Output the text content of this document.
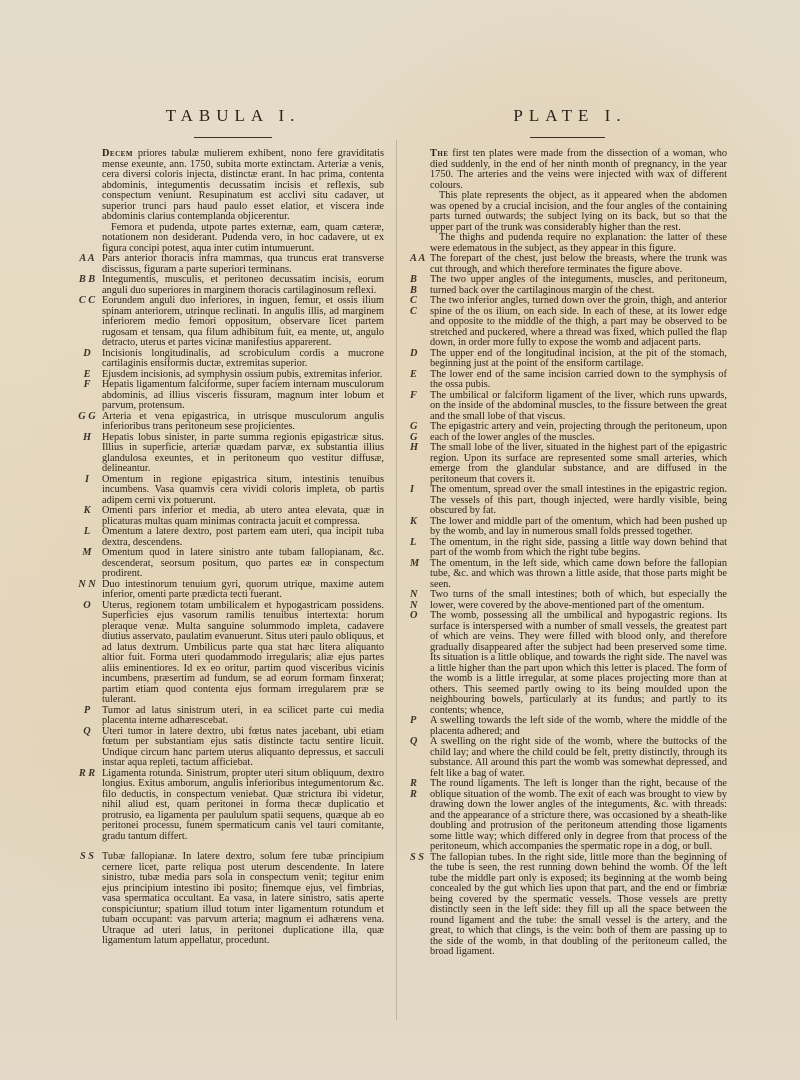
TABULA I.	PLATE I.

Decem priores tabulæ mulierem exhibent, nono fere graviditatis mense exeunte, ann. 1750, subita morte extinctam. Arteriæ a venis, cera diversi coloris injecta, distinctæ erant. In hac prima, contenta abdominis, integumentis decussatim incisis et reflexis, sub conspectum veniunt. Resupinatum est acclivi situ cadaver, ut superior trunci pars haud paulo esset elatior, et viscera inde abdominis clarius contemplanda objicerentur.

Femora et pudenda, utpote partes externæ, eam, quam cæteræ, notationem non desiderant. Pudenda vero, in hoc cadavere, ut ex figura concipi potest, aqua inter cutim intumuerunt.

A A Pars anterior thoracis infra mammas, qua truncus erat transverse discissus, figuram a parte superiori terminans.

B B Integumentis, musculis, et peritoneo decussatim incisis, eorum anguli duo superiores in marginem thoracis cartilaginosum reflexi.

C C Eorundem anguli duo inferiores, in inguen, femur, et ossis ilium spinam anteriorem, utrinque reclinati. In angulis illis, ad marginem inferiorem medio femori oppositum, observare licet partem rugosam et tensam, qua filum adhibitum fuit, ea mente, ut, angulo detracto, uterus et partes vicinæ manifestius apparerent.

D	Incisionis longitudinalis, ad scrobiculum cordis a mucrone cartilaginis ensiformis ductæ, extremitas superior.

E	Ejusdem incisionis, ad symphysin ossium pubis, extremitas inferior.

F	Hepatis ligamentum falciforme, super faciem internam musculorum abdominis, ad illius visceris fissuram, magnum inter lobum et parvum, protensum.

G G Arteria et vena epigastrica, in utrisque musculorum angulis inferioribus trans peritoneum sese projicientes.

H	Hepatis lobus sinister, in parte summa regionis epigastricæ situs. Illius in superficie, arteriæ quædam parvæ, ex substantia illius glandulosa exeuntes, et in peritoneum quo vestitur diffusæ, delineantur.

I	Omentum in regione epigastrica situm, intestinis tenuibus incumbens. Vasa quamvis cera vividi coloris impleta, ob partis adipem cerni vix potuerunt.

K	Omenti pars inferior et media, ab utero antea elevata, quæ in plicaturas multas quam minimas contracta jacuit et compressa.

L	Omentum a latere dextro, post partem eam uteri, qua incipit tuba dextra, descendens.

M	Omentum quod in latere sinistro ante tubam fallopianam, &c. descenderat, seorsum positum, quo partes eæ in conspectum prodirent.

N N Duo intestinorum tenuium gyri, quorum utrique, maxime autem inferior, omenti parte prædicta tecti fuerant.

O	Uterus, regionem totam umbilicalem et hypogastricam possidens. Superficies ejus vasorum ramilis tenuibus intertexta: horum pleraque venæ. Multa sanguine solummodo impleta, cadavere diutius asservato, paulatim evanuerunt. Situs uteri paulo obliquus, et ad latus dextrum. Umbilicus parte qua stat hæc litera aliquanto altior fuit. Forma uteri quodammodo irregularis; aliæ ejus partes aliis eminentiores. Id ex eo oritur, partim quod visceribus vicinis incumbens, præsertim ad fundum, se ad eorum formam finxerat; partim etiam quod contenta ejus formam irregularem præ se tulerant.

P	Tumor ad latus sinistrum uteri, in ea scilicet parte cui media placenta interne adhærescebat.

Q	Uteri tumor in latere dextro, ubi fœtus nates jacebant, ubi etiam fœtum per substantiam ejus satis distincte tactu sentire licuit. Undique circum hanc partem uterus aliquanto depressus, et sacculi instar aqua repleti, tactum afficiebat.

R R Ligamenta rotunda. Sinistrum, propter uteri situm obliquum, dextro longius. Exitus amborum, angulis inferioribus integumentorum &c. filo deductis, in conspectum veniebat. Quæ strictura ibi videtur, nihil aliud est, quam peritonei in forma thecæ duplicatio et protrusio, ea ligamenta per paululum spatii sequens, quæque ab eo peritonei processu, funem spermaticum canis vel tauri comitante, gradu tantum differt.

S S Tubæ fallopianæ. In latere dextro, solum fere tubæ principium cernere licet, parte reliqua post uterum descendente. In latere sinistro, tubæ media pars sola in conspectum venit; tegitur enim ejus principium intestino ibi posito; finemque ejus, vel fimbrias, vasa spermatica occultant. Ea vasa, in latere sinistro, satis aperte conspiciuntur; spatium illud totum inter ligamentum rotundum et tubam occupant: vas parvum arteria; magnum ei adhærens vena. Utraque ad uteri latus, in peritonei duplicatione illa, quæ ligamentum latum appellatur, procedunt.

The first ten plates were made from the dissection of a woman, who died suddenly, in the end of her ninth month of pregnancy, in the year 1750. The arteries and the veins were injected with wax of different colours.

This plate represents the object, as it appeared when the abdomen was opened by a crucial incision, and the four angles of the containing parts turned outwards; the subject lying on its back, but so that the upper part of the trunk was considerably higher than the rest.

The thighs and pudenda require no explanation: the latter of these were edematous in the subject, as they appear in this figure.

A A The forepart of the chest, just below the breasts, where the trunk was cut through, and which therefore terminates the figure above.

B B
The two upper angles of the integuments, muscles, and peritoneum, turned back over the cartilaginous margin of the chest.

C C
The two inferior angles, turned down over the groin, thigh, and anterior spine of the os ilium, on each side. In each of these, at its lower edge and opposite to the middle of the thigh, a part may be observed to be stretched and puckered, where a thread was fixed, which pulled the flap down, in order more fully to expose the womb and adjacent parts.

D	The upper end of the longitudinal incision, at the pit of the stomach, beginning just at the point of the ensiform cartilage.

E	The lower end of the same incision carried down to the symphysis of the ossa pubis.

F	The umbilical or falciform ligament of the liver, which runs upwards, on the inside of the abdominal muscles, to the fissure between the great and the small lobe of that viscus.

G G
The epigastric artery and vein, projecting through the peritoneum, upon each of the lower angles of the muscles.

H	The small lobe of the liver, situated in the highest part of the epigastric region. Upon its surface are represented some small arteries, which emerge from the glandular substance, and are diffused in the peritoneum that covers it.

I	The omentum, spread over the small intestines in the epigastric region. The vessels of this part, though injected, were hardly visible, being obscured by fat.

K	The lower and middle part of the omentum, which had been pushed up by the womb, and lay in numerous small folds pressed together.

L	The omentum, in the right side, passing a little way down behind that part of the womb from which the right tube begins.

M	The omentum, in the left side, which came down before the fallopian tube, &c. and which was thrown a little aside, that those parts might be seen.

N N
Two turns of the small intestines; both of which, but especially the lower, were covered by the above-mentioned part of the omentum.

O	The womb, possessing all the umbilical and hypogastric regions. Its surface is interspersed with a number of small vessels, the greatest part of which are veins. They were filled with blood only, and therefore gradually disappeared after the subject had been preserved some time. Its situation is a little oblique, and towards the right side. The navel was a little higher than the part upon which this letter is placed. The form of the womb is a little irregular, at some places projecting more than at others. This seemed partly owing to its being moulded upon the neighbouring bowels, particularly at its fundus; and partly to its contents; whence,

P	A swelling towards the left side of the womb, where the middle of the placenta adhered; and

Q	A swelling on the right side of the womb, where the buttocks of the child lay; and where the child could be felt, pretty distinctly, through its substance. All around this part the womb was somewhat depressed, and felt like a bag of water.

R R
The round ligaments. The left is longer than the right, because of the oblique situation of the womb. The exit of each was brought to view by drawing down the lower angles of the integuments, &c. with threads: and the appearance of a stricture there, was occasioned by a sheath-like doubling and protrusion of the peritoneum attending those ligaments some little way; which differed only in degree from that process of the peritoneum, which accompanies the spermatic rope in a dog, or bull.

S S The fallopian tubes. In the right side, little more than the beginning of the tube is seen, the rest running down behind the womb. Of the left tube the middle part only is exposed; its beginning at the womb being concealed by the gut which lies upon that part, and the end or fimbriæ being covered by the spermatic vessels. Those vessels are pretty distinctly seen in the left side: they fill up all the space between the round ligament and the tube: the small vessel is the artery, and the great, to which that clings, is the vein: both of them are passing up to the side of the womb, in that doubling of the peritoneum called, the broad ligament.
